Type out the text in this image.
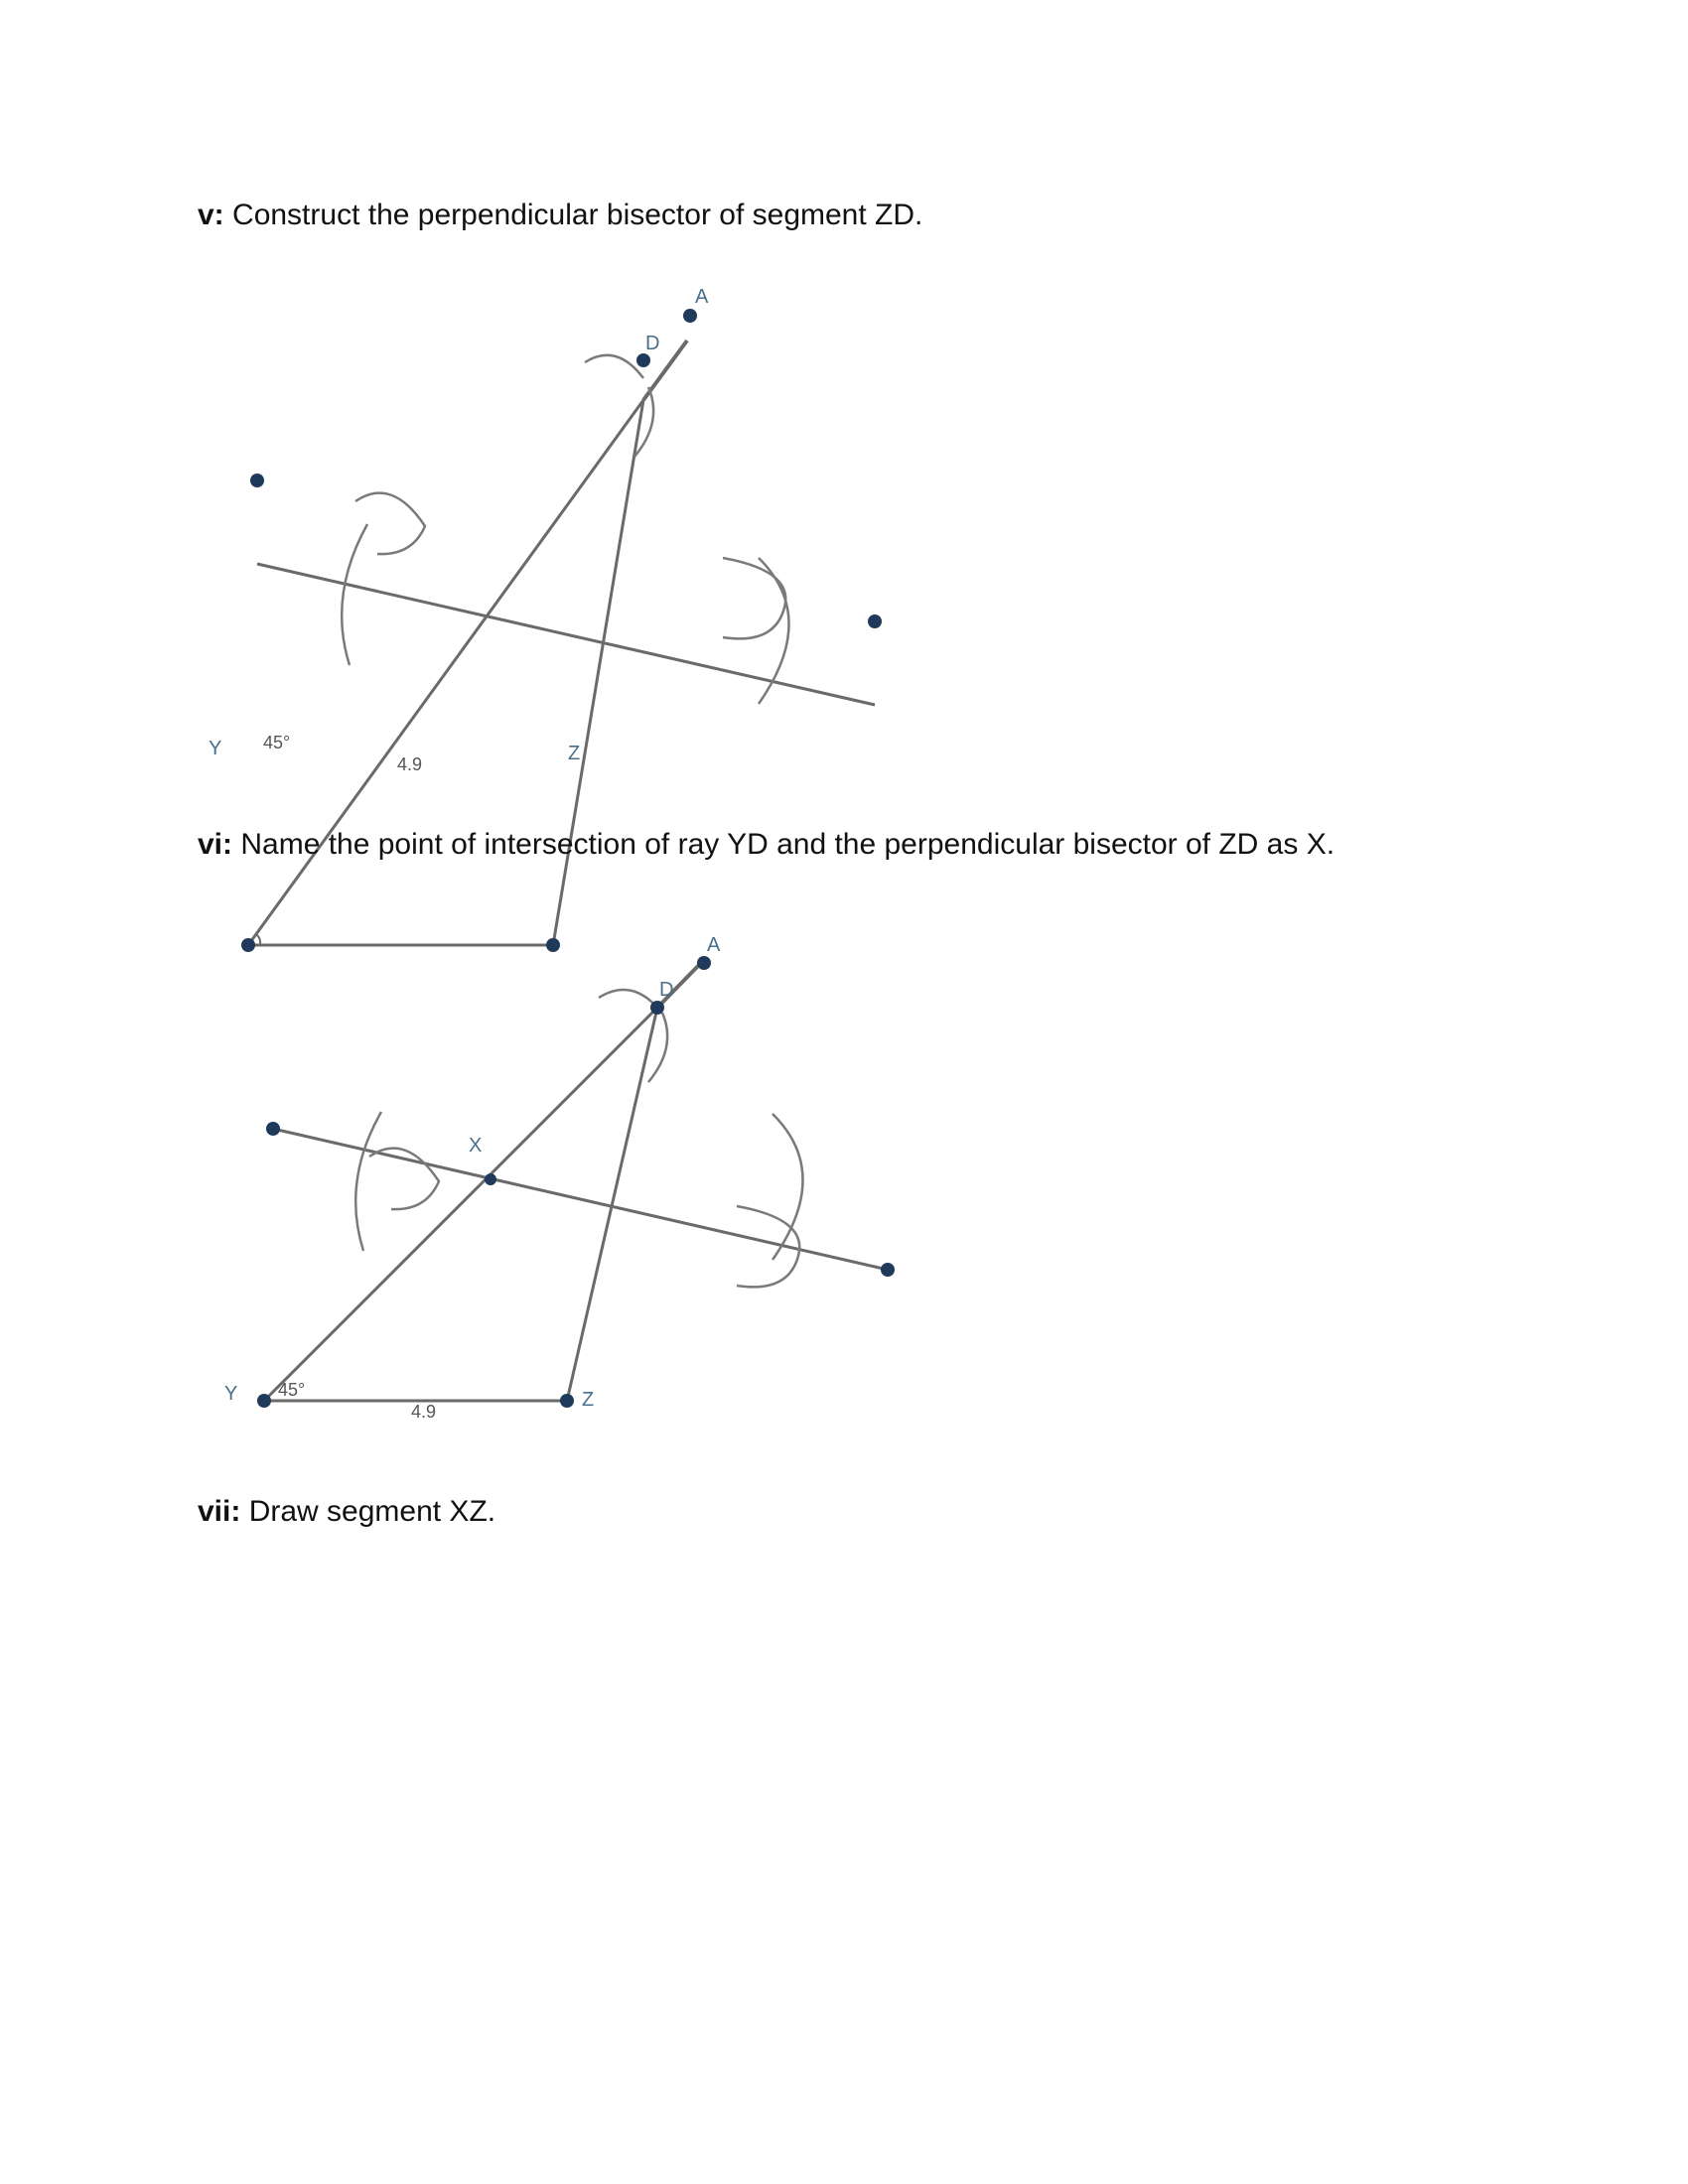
v: Construct the perpendicular bisector of segment ZD.
A
D
Y	Z
45°
4.9
vi: Name the point of intersection of ray YD and the perpendicular bisector of ZD as X.
A
D
X
Y	Z
45°
4.9
vii: Draw segment XZ.
